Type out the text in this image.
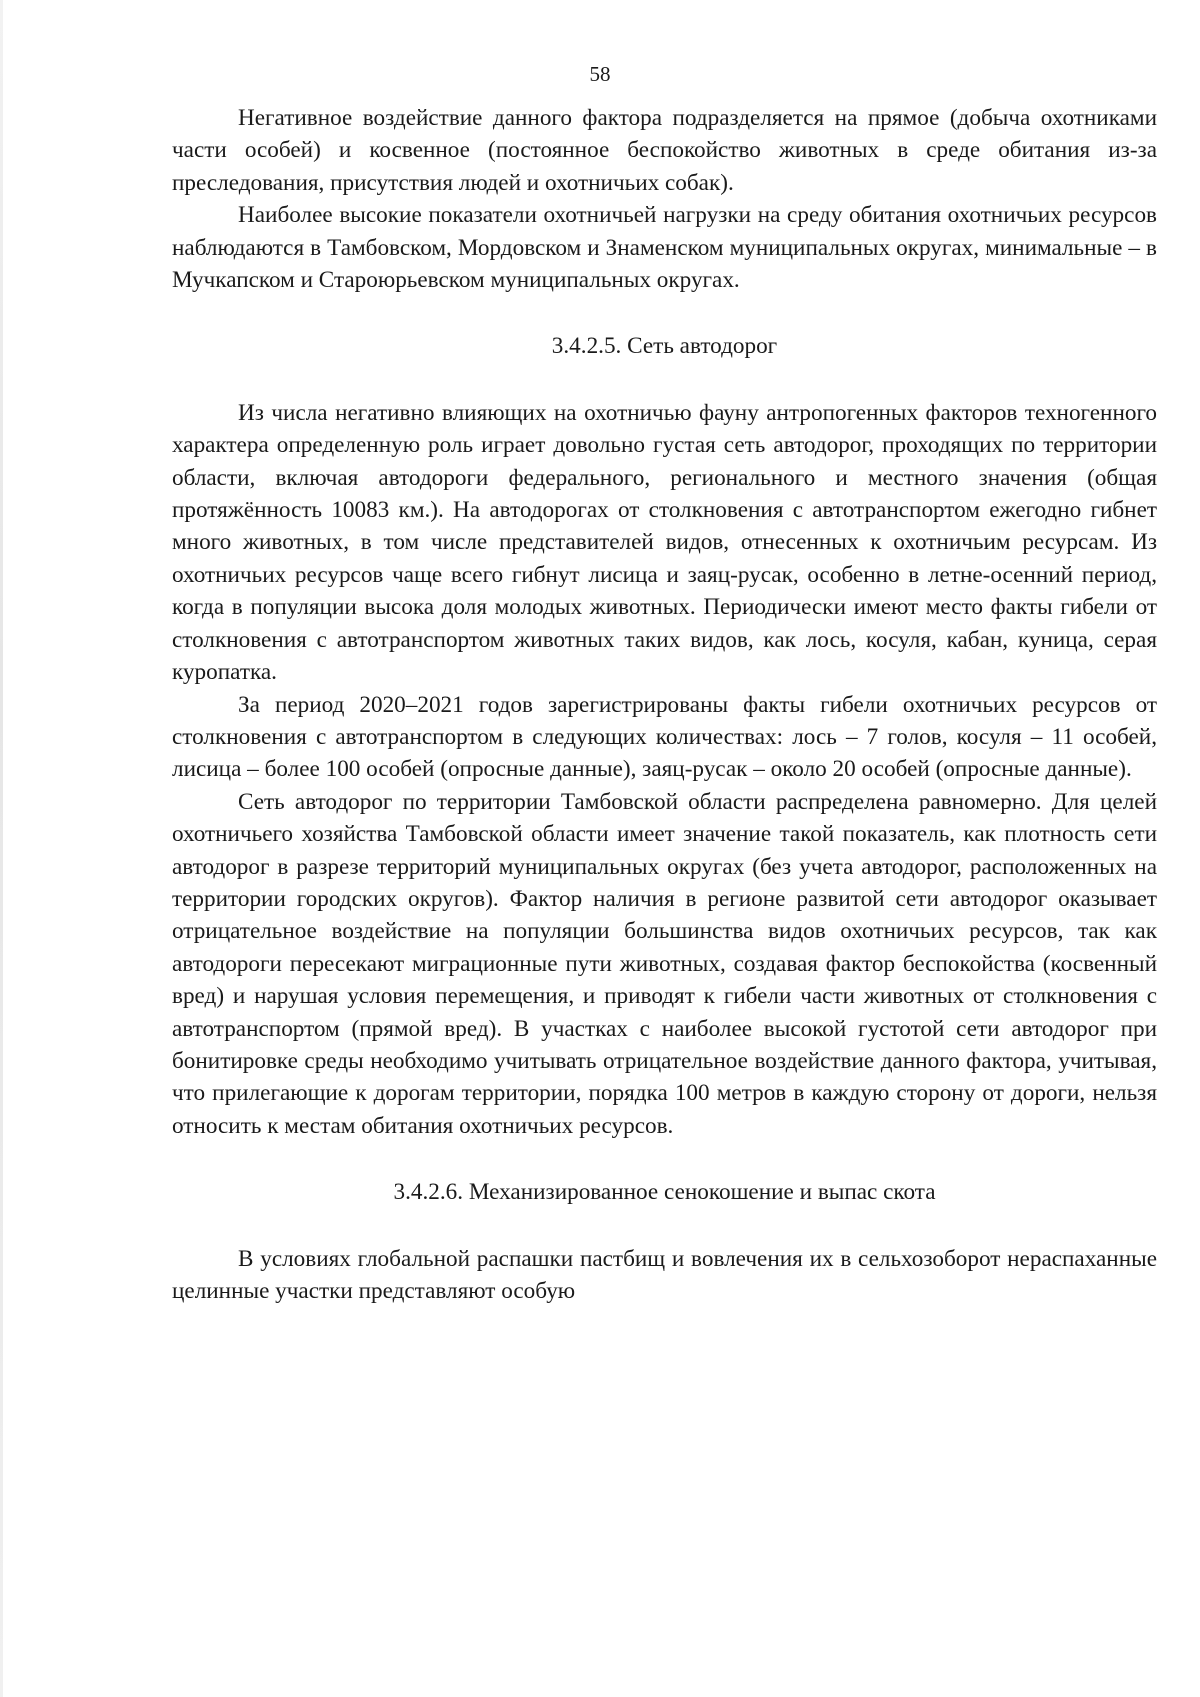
58

Негативное воздействие данного фактора подразделяется на прямое (добыча охотниками части особей) и косвенное (постоянное беспокойство животных в среде обитания из-за преследования, присутствия людей и охотничьих собак).

Наиболее высокие показатели охотничьей нагрузки на среду обитания охотничьих ресурсов наблюдаются в Тамбовском, Мордовском и Знаменском муниципальных округах, минимальные – в Мучкапском и Староюрьевском муниципальных округах.

3.4.2.5. Сеть автодорог

Из числа негативно влияющих на охотничью фауну антропогенных факторов техногенного характера определенную роль играет довольно густая сеть автодорог, проходящих по территории области, включая автодороги федерального, регионального и местного значения (общая протяжённость 10083 км.). На автодорогах от столкновения с автотранспортом ежегодно гибнет много животных, в том числе представителей видов, отнесенных к охотничьим ресурсам. Из охотничьих ресурсов чаще всего гибнут лисица и заяц-русак, особенно в летне-осенний период, когда в популяции высока доля молодых животных. Периодически имеют место факты гибели от столкновения с автотранспортом животных таких видов, как лось, косуля, кабан, куница, серая куропатка.

За период 2020–2021 годов зарегистрированы факты гибели охотничьих ресурсов от столкновения с автотранспортом в следующих количествах: лось – 7 голов, косуля – 11 особей, лисица – более 100 особей (опросные данные), заяц-русак – около 20 особей (опросные данные).

Сеть автодорог по территории Тамбовской области распределена равномерно. Для целей охотничьего хозяйства Тамбовской области имеет значение такой показатель, как плотность сети автодорог в разрезе территорий муниципальных округах (без учета автодорог, расположенных на территории городских округов). Фактор наличия в регионе развитой сети автодорог оказывает отрицательное воздействие на популяции большинства видов охотничьих ресурсов, так как автодороги пересекают миграционные пути животных, создавая фактор беспокойства (косвенный вред) и нарушая условия перемещения, и приводят к гибели части животных от столкновения с автотранспортом (прямой вред). В участках с наиболее высокой густотой сети автодорог при бонитировке среды необходимо учитывать отрицательное воздействие данного фактора, учитывая, что прилегающие к дорогам территории, порядка 100 метров в каждую сторону от дороги, нельзя относить к местам обитания охотничьих ресурсов.

3.4.2.6. Механизированное сенокошение и выпас скота

В условиях глобальной распашки пастбищ и вовлечения их в сельхозоборот нераспаханные целинные участки представляют особую
